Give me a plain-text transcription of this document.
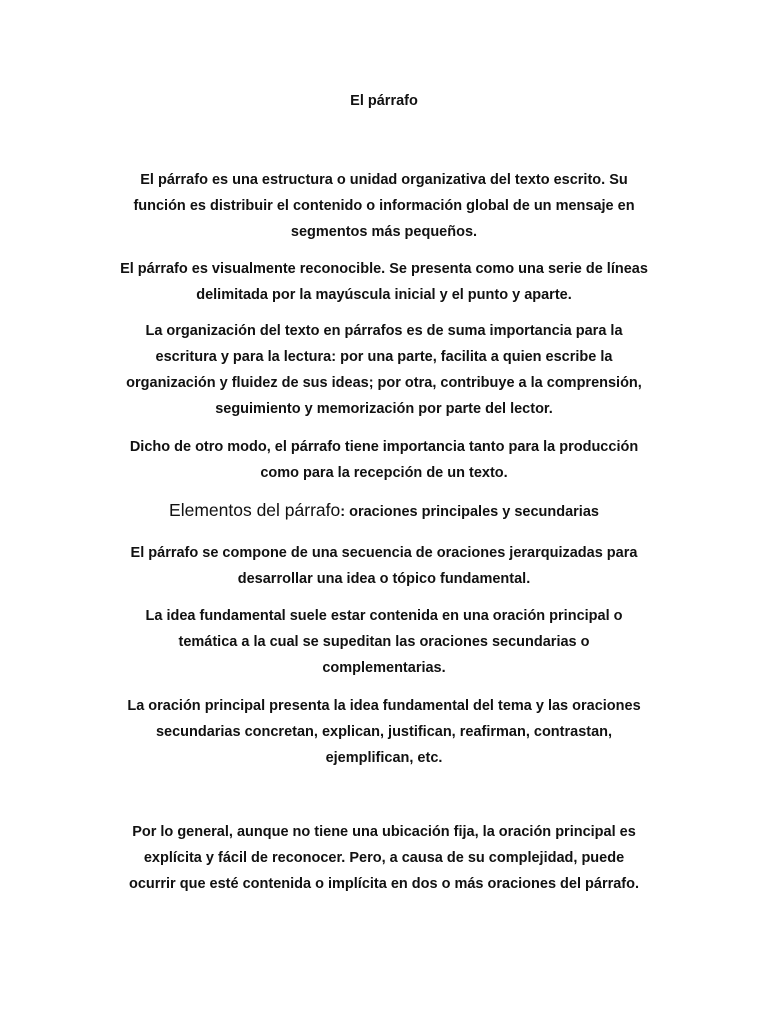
El párrafo
El párrafo es una estructura o unidad organizativa del texto escrito. Su
función es distribuir el contenido o información global de un mensaje en
segmentos más pequeños.
El párrafo es visualmente reconocible. Se presenta como una serie de líneas
delimitada por la mayúscula inicial y el punto y aparte.
La organización del texto en párrafos es de suma importancia para la
escritura y para la lectura: por una parte, facilita a quien escribe la
organización y fluidez de sus ideas; por otra, contribuye a la comprensión,
seguimiento y memorización por parte del lector.
Dicho de otro modo, el párrafo tiene importancia tanto para la producción
como para la recepción de un texto.
Elementos del párrafo: oraciones principales y secundarias
El párrafo se compone de una secuencia de oraciones jerarquizadas para
desarrollar una idea o tópico fundamental.
La idea fundamental suele estar contenida en una oración principal o
temática a la cual se supeditan las oraciones secundarias o
complementarias.
La oración principal presenta la idea fundamental del tema y las oraciones
secundarias concretan, explican, justifican, reafirman, contrastan,
ejemplifican, etc.
Por lo general, aunque no tiene una ubicación fija, la oración principal es
explícita y fácil de reconocer. Pero, a causa de su complejidad, puede
ocurrir que esté contenida o implícita en dos o más oraciones del párrafo.
